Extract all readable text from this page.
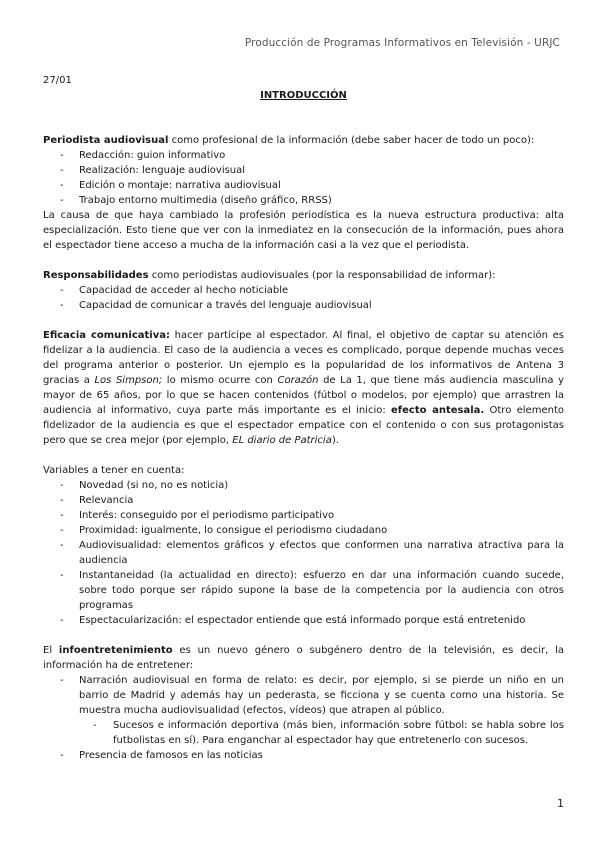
Producción de Programas Informativos en Televisión - URJC

27/01

INTRODUCCIÓN

Periodista audiovisual como profesional de la información (debe saber hacer de todo un poco):

- Redacción: guion informativo
- Realización: lenguaje audiovisual
- Edición o montaje: narrativa audiovisual
- Trabajo entorno multimedia (diseño gráfico, RRSS)

La causa de que haya cambiado la profesión periodística es la nueva estructura productiva: alta especialización. Esto tiene que ver con la inmediatez en la consecución de la información, pues ahora el espectador tiene acceso a mucha de la información casi a la vez que el periodista.

Responsabilidades como periodistas audiovisuales (por la responsabilidad de informar):

- Capacidad de acceder al hecho noticiable
- Capacidad de comunicar a través del lenguaje audiovisual

Eficacia comunicativa: hacer partícipe al espectador. Al final, el objetivo de captar su atención es fidelizar a la audiencia. El caso de la audiencia a veces es complicado, porque depende muchas veces del programa anterior o posterior. Un ejemplo es la popularidad de los informativos de Antena 3 gracias a Los Simpson; lo mismo ocurre con Corazón de La 1, que tiene más audiencia masculina y mayor de 65 años, por lo que se hacen contenidos (fútbol o modelos, por ejemplo) que arrastren la audiencia al informativo, cuya parte más importante es el inicio: efecto antesala. Otro elemento fidelizador de la audiencia es que el espectador empatice con el contenido o con sus protagonistas pero que se crea mejor (por ejemplo, EL diario de Patricia).

Variables a tener en cuenta:

- Novedad (si no, no es noticia)
- Relevancia
- Interés: conseguido por el periodismo participativo
- Proximidad: igualmente, lo consigue el periodismo ciudadano
- Audiovisualidad: elementos gráficos y efectos que conformen una narrativa atractiva para la audiencia
- Instantaneidad (la actualidad en directo): esfuerzo en dar una información cuando sucede, sobre todo porque ser rápido supone la base de la competencia por la audiencia con otros programas
- Espectacularización: el espectador entiende que está informado porque está entretenido

El infoentretenimiento es un nuevo género o subgénero dentro de la televisión, es decir, la información ha de entretener:

- Narración audiovisual en forma de relato: es decir, por ejemplo, si se pierde un niño en un barrio de Madrid y además hay un pederasta, se ficciona y se cuenta como una historia. Se muestra mucha audiovisualidad (efectos, vídeos) que atrapen al público.
- Sucesos e información deportiva (más bien, información sobre fútbol: se habla sobre los futbolistas en sí). Para enganchar al espectador hay que entretenerlo con sucesos.
- Presencia de famosos en las noticias
1
